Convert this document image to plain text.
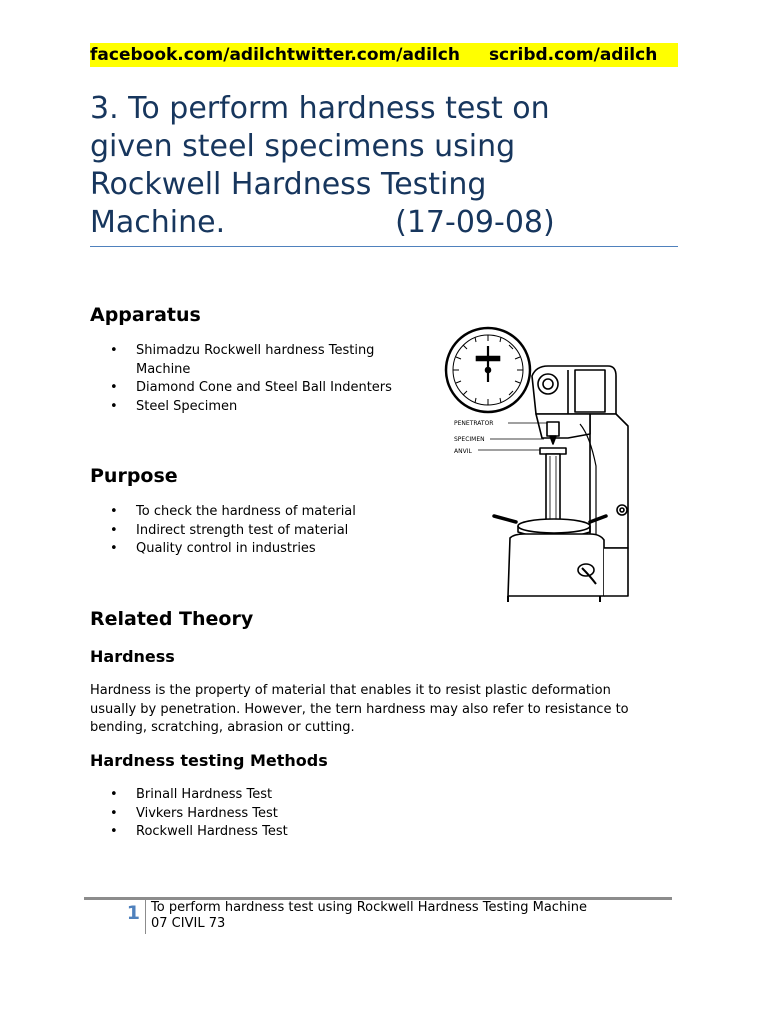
facebook.com/adilchtwitter.com/adilch scribd.com/adilch
3. To perform hardness test on
given steel specimens using
Rockwell Hardness Testing
Machine.	(17-09-08)
Apparatus
• Shimadzu Rockwell hardness Testing
Machine
• Diamond Cone and Steel Ball Indenters
• Steel Specimen
Purpose
• To check the hardness of material
• Indirect strength test of material
• Quality control in industries
Related Theory
Hardness
Hardness is the property of material that enables it to resist plastic deformation
usually by penetration. However, the tern hardness may also refer to resistance to
bending, scratching, abrasion or cutting.
Hardness testing Methods
• Brinall Hardness Test
• Vivkers Hardness Test
• Rockwell Hardness Test
PENETRATOR
SPECIMEN
ANVIL
1 To perform hardness test using Rockwell Hardness Testing Machine
07 CIVIL 73
